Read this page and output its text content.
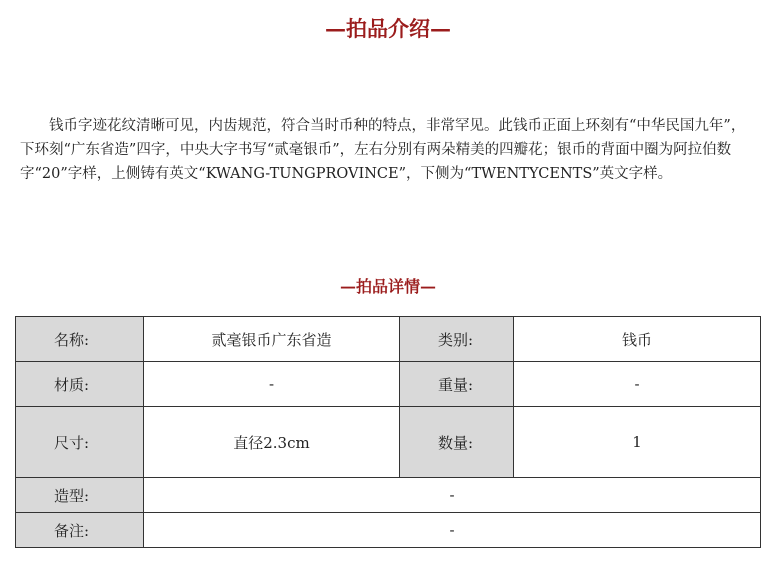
—拍品介绍—

钱币字迹花纹清晰可见，内齿规范，符合当时币种的特点，非常罕见。此钱币正面上环刻有“中华民国九年”，下环刻“广东省造”四字，中央大字书写“贰毫银币”，左右分别有两朵精美的四瓣花；银币的背面中圈为阿拉伯数字“20”字样，上侧铸有英文“KWANG-TUNGPROVINCE”，下侧为“TWENTYCENTS”英文字样。

—拍品详情—
名称:	贰毫银币广东省造	类别:	钱币
材质:	-	重量:	-
尺寸:	直径2.3cm	数量:	1
造型:	-		
备注:	-		
